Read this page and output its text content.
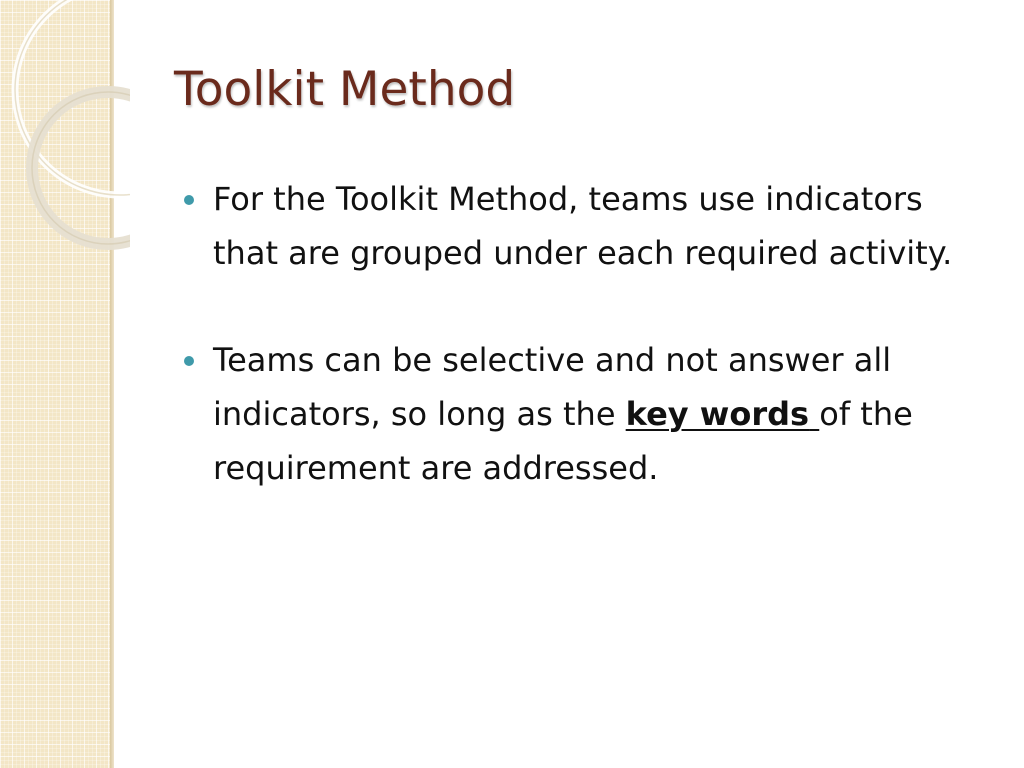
Toolkit Method
For the Toolkit Method, teams use indicators that are grouped under each required activity.
Teams can be selective and not answer all indicators, so long as the key words of the requirement are addressed.
